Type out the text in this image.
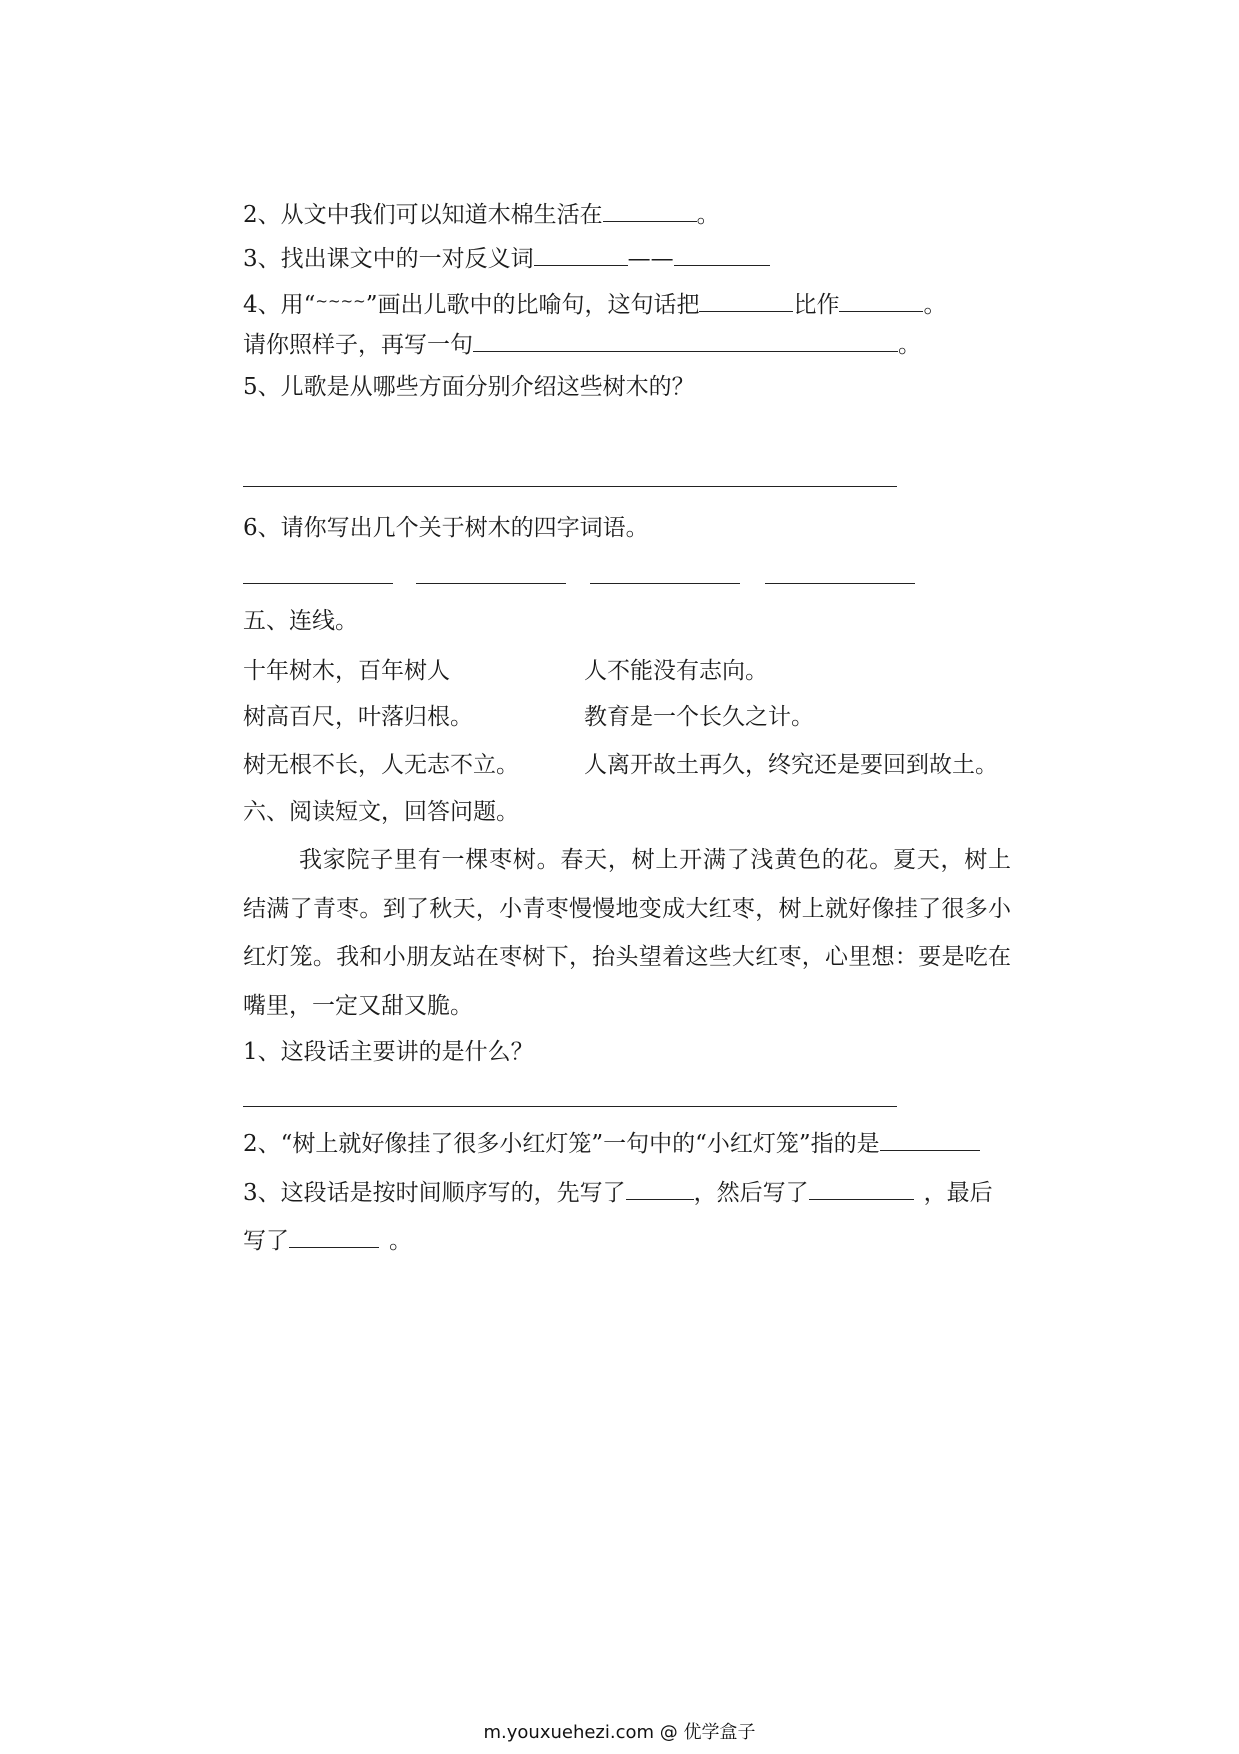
2、从文中我们可以知道木棉生活在	。

3、找出课文中的一对反义词	——

4、用“~~~~”画出儿歌中的比喻句，这句话把	比作	。

请你照样子，再写一句	。

5、儿歌是从哪些方面分别介绍这些树木的？

6、请你写出几个关于树木的四字词语。

五、连线。

十年树木，百年树人	人不能没有志向。

树高百尺，叶落归根。	教育是一个长久之计。

树无根不长，人无志不立。	人离开故土再久，终究还是要回到故土。

六、阅读短文，回答问题。

我家院子里有一棵枣树。春天，树上开满了浅黄色的花。夏天，树上结满了青枣。到了秋天，小青枣慢慢地变成大红枣，树上就好像挂了很多小红灯笼。我和小朋友站在枣树下，抬头望着这些大红枣，心里想：要是吃在嘴里，一定又甜又脆。

1、这段话主要讲的是什么？

2、“树上就好像挂了很多小红灯笼”一句中的“小红灯笼”指的是

3、这段话是按时间顺序写的，先写了	，然后写了	，最后

写了	。

m.youxuehezi.com @ 优学盒子
